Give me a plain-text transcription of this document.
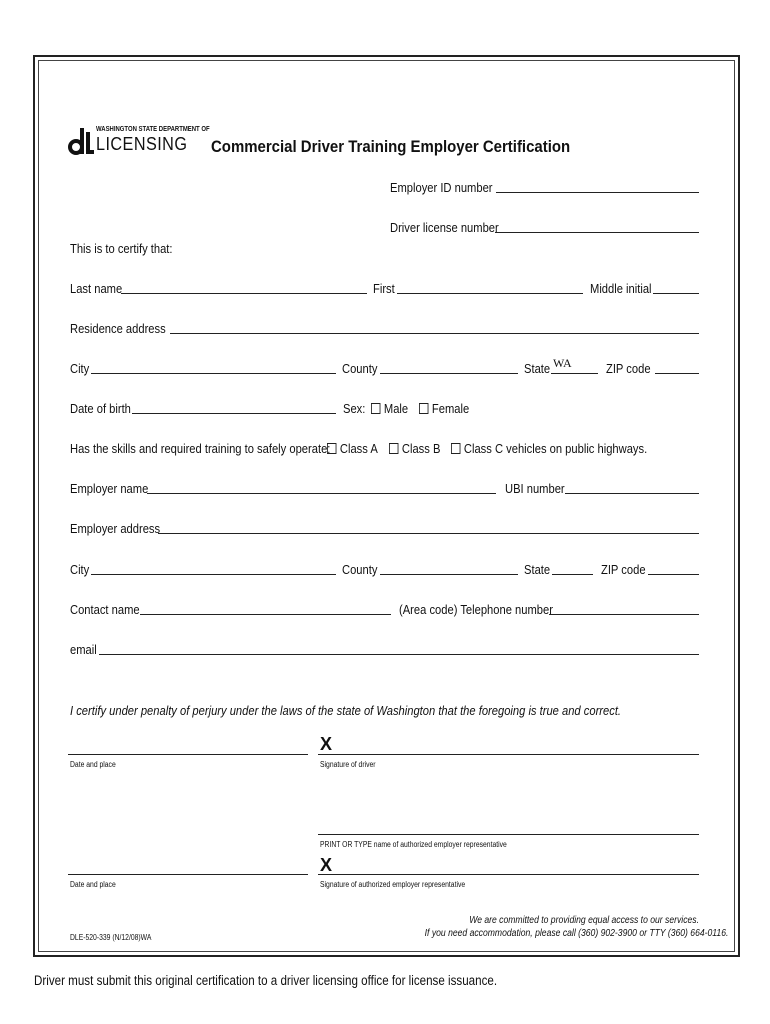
WASHINGTON STATE DEPARTMENT OF
LICENSING Commercial Driver Training Employer Certification
Employer ID number
Driver license number
This is to certify that:
Last name	First	Middle initial
Residence address
City	County	State WA	ZIP code
Date of birth	Sex:	Male	Female
Has the skills and required training to safely operate: Class A	Class B	Class C vehicles on public highways.
Employer name	UBI number
Employer address
City	County	State	ZIP code
Contact name	(Area code) Telephone number
email
I certify under penalty of perjury under the laws of the state of Washington that the foregoing is true and correct.
X
Date and place	Signature of driver
PRINT OR TYPE name of authorized employer representative
X
Date and place	Signature of authorized employer representative
DLE-520-339 (N/12/08)WA
We are committed to providing equal access to our services.
If you need accommodation, please call (360) 902-3900 or TTY (360) 664-0116.
Driver must submit this original certification to a driver licensing office for license issuance.
